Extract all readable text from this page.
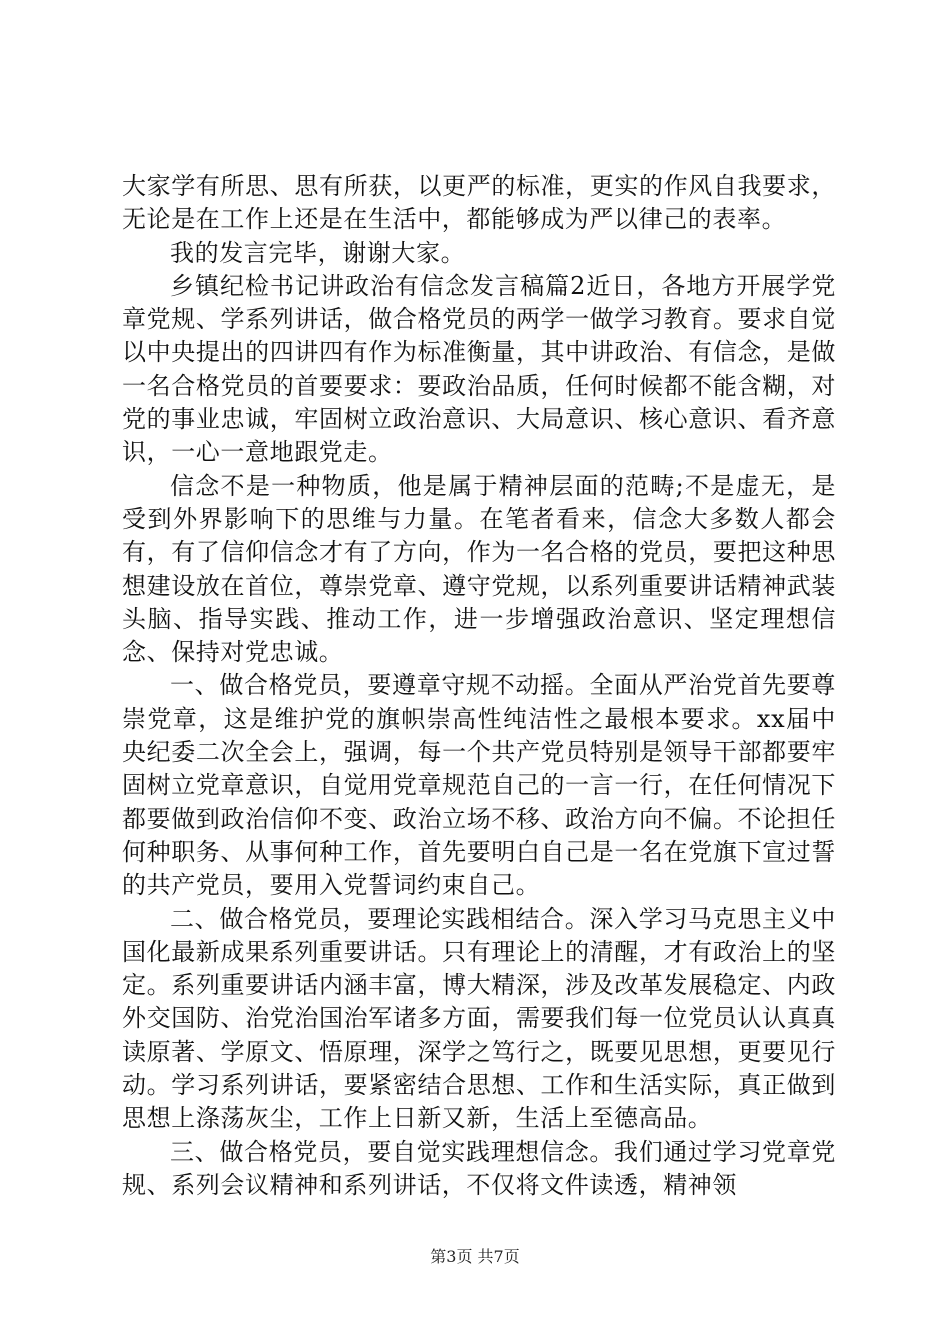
大家学有所思、思有所获，以更严的标准，更实的作风自我要求，无论是在工作上还是在生活中，都能够成为严以律己的表率。

我的发言完毕，谢谢大家。

乡镇纪检书记讲政治有信念发言稿篇2近日，各地方开展学党章党规、学系列讲话，做合格党员的两学一做学习教育。要求自觉以中央提出的四讲四有作为标准衡量，其中讲政治、有信念，是做一名合格党员的首要要求：要政治品质，任何时候都不能含糊，对党的事业忠诚，牢固树立政治意识、大局意识、核心意识、看齐意识，一心一意地跟党走。

信念不是一种物质，他是属于精神层面的范畴;不是虚无，是受到外界影响下的思维与力量。在笔者看来，信念大多数人都会有，有了信仰信念才有了方向，作为一名合格的党员，要把这种思想建设放在首位，尊崇党章、遵守党规，以系列重要讲话精神武装头脑、指导实践、推动工作，进一步增强政治意识、坚定理想信念、保持对党忠诚。

一、做合格党员，要遵章守规不动摇。全面从严治党首先要尊崇党章，这是维护党的旗帜崇高性纯洁性之最根本要求。xx届中央纪委二次全会上，强调，每一个共产党员特别是领导干部都要牢固树立党章意识，自觉用党章规范自己的一言一行，在任何情况下都要做到政治信仰不变、政治立场不移、政治方向不偏。不论担任何种职务、从事何种工作，首先要明白自己是一名在党旗下宣过誓的共产党员，要用入党誓词约束自己。

二、做合格党员，要理论实践相结合。深入学习马克思主义中国化最新成果系列重要讲话。只有理论上的清醒，才有政治上的坚定。系列重要讲话内涵丰富，博大精深，涉及改革发展稳定、内政外交国防、治党治国治军诸多方面，需要我们每一位党员认认真真读原著、学原文、悟原理，深学之笃行之，既要见思想，更要见行动。学习系列讲话，要紧密结合思想、工作和生活实际，真正做到思想上涤荡灰尘，工作上日新又新，生活上至德高品。

三、做合格党员，要自觉实践理想信念。我们通过学习党章党规、系列会议精神和系列讲话，不仅将文件读透，精神领

第3页 共7页
